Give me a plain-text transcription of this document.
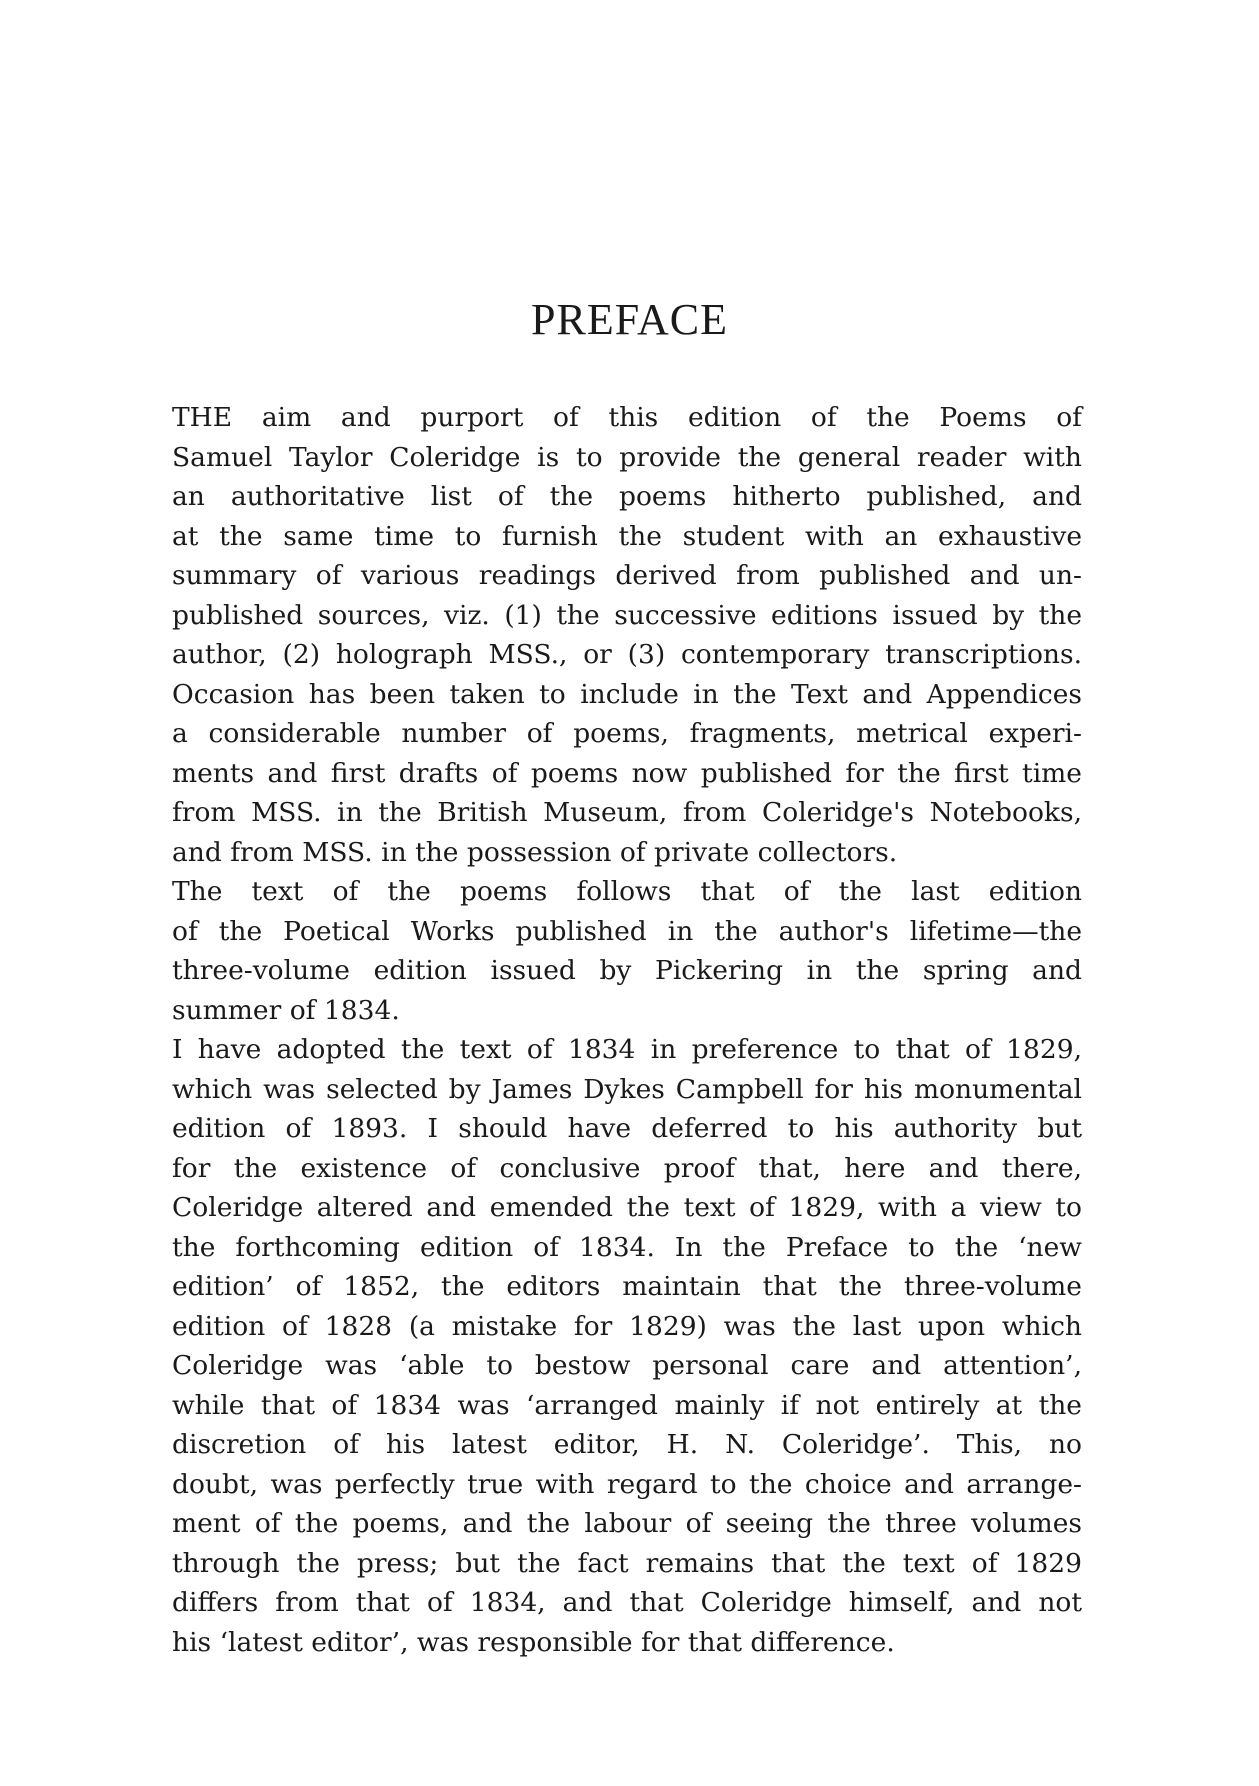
PREFACE
THE aim and purport of this edition of the Poems of
Samuel Taylor Coleridge is to provide the general reader with
an authoritative list of the poems hitherto published, and
at the same time to furnish the student with an exhaustive
summary of various readings derived from published and un-
published sources, viz. (1) the successive editions issued by the
author, (2) holograph MSS., or (3) contemporary transcriptions.
Occasion has been taken to include in the Text and Appendices
a considerable number of poems, fragments, metrical experi-
ments and first drafts of poems now published for the first time
from MSS. in the British Museum, from Coleridge's Notebooks,
and from MSS. in the possession of private collectors.
The text of the poems follows that of the last edition
of the Poetical Works published in the author's lifetime—the
three-volume edition issued by Pickering in the spring and
summer of 1834.
I have adopted the text of 1834 in preference to that of 1829,
which was selected by James Dykes Campbell for his monumental
edition of 1893. I should have deferred to his authority but
for the existence of conclusive proof that, here and there,
Coleridge altered and emended the text of 1829, with a view to
the forthcoming edition of 1834. In the Preface to the ‘new
edition’ of 1852, the editors maintain that the three-volume
edition of 1828 (a mistake for 1829) was the last upon which
Coleridge was ‘able to bestow personal care and attention’,
while that of 1834 was ‘arranged mainly if not entirely at the
discretion of his latest editor, H. N. Coleridge’. This, no
doubt, was perfectly true with regard to the choice and arrange-
ment of the poems, and the labour of seeing the three volumes
through the press; but the fact remains that the text of 1829
differs from that of 1834, and that Coleridge himself, and not
his ‘latest editor’, was responsible for that difference.
